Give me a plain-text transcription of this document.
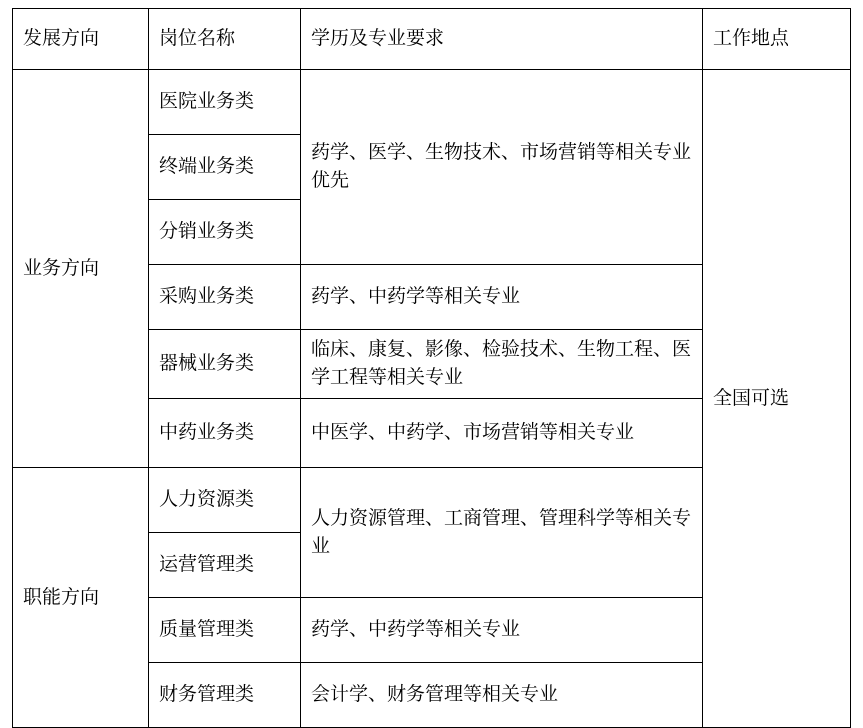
发展方向	岗位名称	学历及专业要求	工作地点
业务方向	医院业务类	药学、医学、生物技术、市场营销等相关专业优先	全国可选
	终端业务类		
	分销业务类		
	采购业务类	药学、中药学等相关专业	
	器械业务类	临床、康复、影像、检验技术、生物工程、医学工程等相关专业	
	中药业务类	中医学、中药学、市场营销等相关专业	
职能方向	人力资源类	人力资源管理、工商管理、管理科学等相关专业	
	运营管理类		
	质量管理类	药学、中药学等相关专业	
	财务管理类	会计学、财务管理等相关专业	
